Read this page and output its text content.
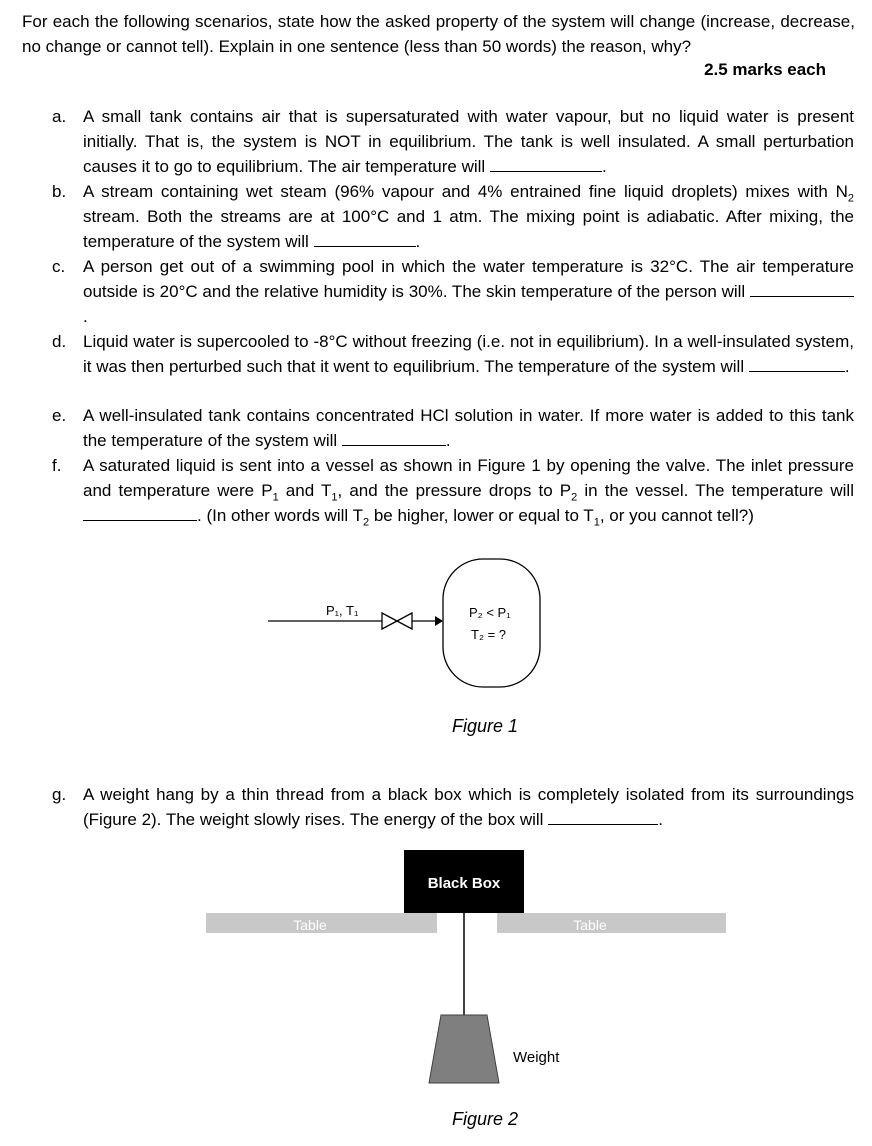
For each the following scenarios, state how the asked property of the system will change (increase, decrease, no change or cannot tell). Explain in one sentence (less than 50 words) the reason, why?
2.5 marks each
a. A small tank contains air that is supersaturated with water vapour, but no liquid water is present initially. That is, the system is NOT in equilibrium. The tank is well insulated. A small perturbation causes it to go to equilibrium. The air temperature will	.
b. A stream containing wet steam (96% vapour and 4% entrained fine liquid droplets) mixes with $N_2$ stream. Both the streams are at 100°C and 1 atm. The mixing point is adiabatic. After mixing, the temperature of the system will	.
c. A person get out of a swimming pool in which the water temperature is 32°C. The air temperature outside is 20°C and the relative humidity is 30%. The skin temperature of the person will .
d. Liquid water is supercooled to -8°C without freezing (i.e. not in equilibrium). In a well-insulated system, it was then perturbed such that it went to equilibrium. The temperature of the system will	.
e. A well-insulated tank contains concentrated HCl solution in water. If more water is added to this tank the temperature of the system will	.
f. A saturated liquid is sent into a vessel as shown in Figure 1 by opening the valve. The inlet pressure and temperature were $P_1$ and $T_1$, and the pressure drops to $P_2$ in the vessel. The temperature will . (In other words will $T_2$ be higher, lower or equal to $T_1$, or you cannot tell?)
P₁, T₁	P₂ < P₁
T₂ = ?
Figure 1
g. A weight hang by a thin thread from a black box which is completely isolated from its surroundings (Figure 2). The weight slowly rises. The energy of the box will	.
Black Box
Table	Table
Weight
Figure 2
